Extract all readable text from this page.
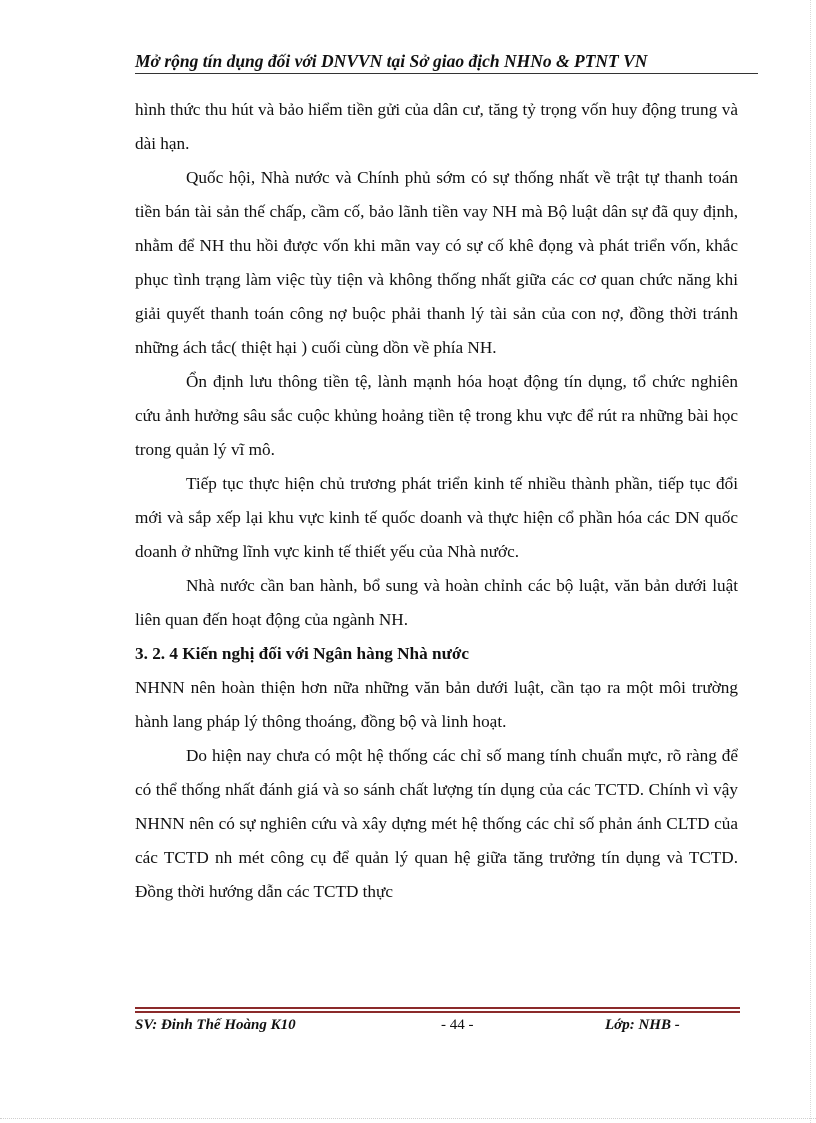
Mở rộng tín dụng đối với DNVVN tại Sở giao địch NHNo & PTNT VN

hình thức thu hút và bảo hiểm tiền gửi của dân cư, tăng tỷ trọng vốn huy động trung và dài hạn.

Quốc hội, Nhà nước và Chính phủ sớm có sự thống nhất về trật tự thanh toán tiền bán tài sản thế chấp, cầm cố, bảo lãnh tiền vay NH mà Bộ luật dân sự đã quy định, nhằm để NH thu hồi được vốn khi mãn vay có sự cố khê đọng và phát triển vốn, khắc phục tình trạng làm việc tùy tiện và không thống nhất giữa các cơ quan chức năng khi giải quyết thanh toán công nợ buộc phải thanh lý tài sản của con nợ, đồng thời tránh những ách tắc( thiệt hại ) cuối cùng dồn về phía NH.

Ổn định lưu thông tiền tệ, lành mạnh hóa hoạt động tín dụng, tổ chức nghiên cứu ảnh hưởng sâu sắc cuộc khủng hoảng tiền tệ trong khu vực để rút ra những bài học trong quản lý vĩ mô.

Tiếp tục thực hiện chủ trương phát triển kinh tế nhiều thành phần, tiếp tục đổi mới và sắp xếp lại khu vực kinh tế quốc doanh và thực hiện cổ phần hóa các DN quốc doanh ở những lĩnh vực kinh tế thiết yếu của Nhà nước.

Nhà nước cần ban hành, bổ sung và hoàn chỉnh các bộ luật, văn bản dưới luật liên quan đến hoạt động của ngành NH.

3. 2. 4 Kiến nghị đối với Ngân hàng Nhà nước

NHNN nên hoàn thiện hơn nữa những văn bản dưới luật, cần tạo ra một môi trường hành lang pháp lý thông thoáng, đồng bộ và linh hoạt.

Do hiện nay chưa có một hệ thống các chỉ số mang tính chuẩn mực, rõ ràng để có thể thống nhất đánh giá và so sánh chất lượng tín dụng của các TCTD. Chính vì vậy NHNN nên có sự nghiên cứu và xây dựng mét hệ thống các chỉ số phản ánh CLTD của các TCTD nh mét công cụ để quản lý quan hệ giữa tăng trưởng tín dụng và TCTD. Đồng thời hướng dẫn các TCTD thực

SV: Đinh Thế Hoàng K10	- 44 -	Lớp: NHB -
